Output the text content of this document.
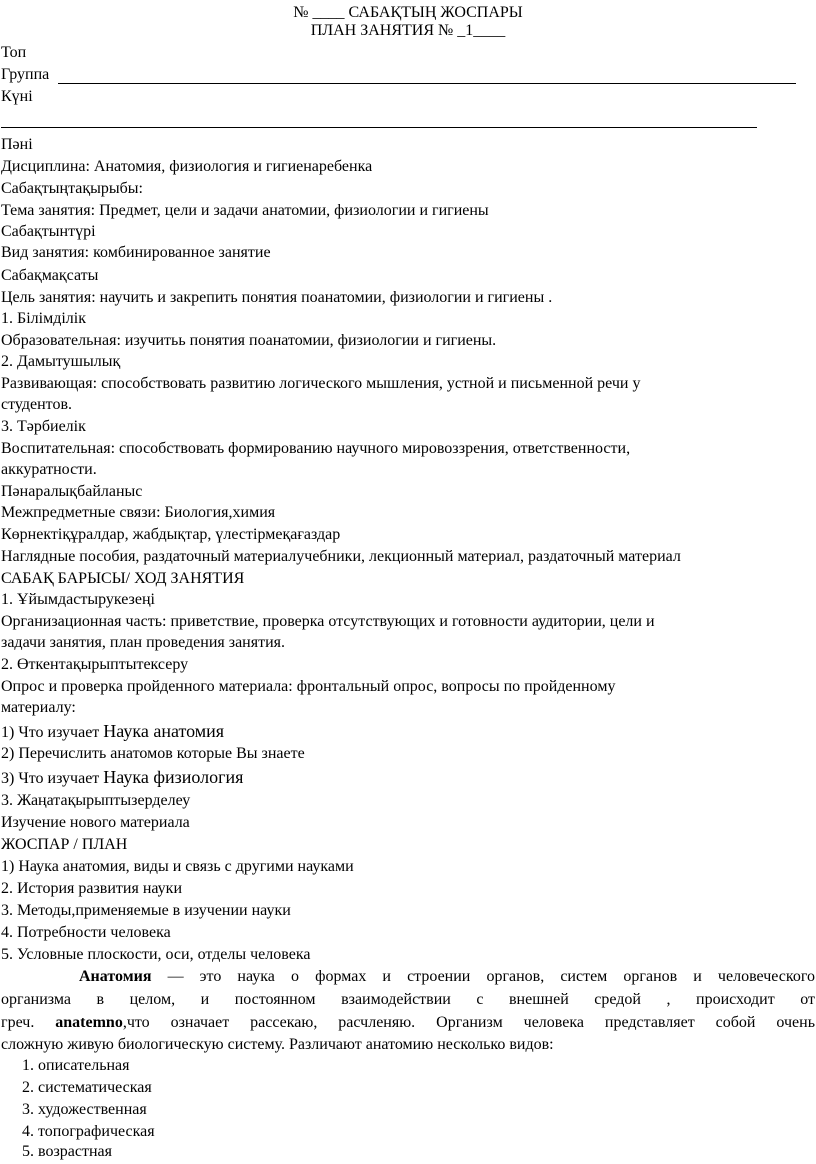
№ ____ САБАҚТЫҢ ЖОСПАРЫ
ПЛАН ЗАНЯТИЯ № _1____
Топ
Группа
Күні
Пәні
Дисциплина: Анатомия, физиология и гигиенаребенка
Сабақтыңтақырыбы:
Тема занятия: Предмет, цели и задачи анатомии, физиологии и гигиены
Сабақтынтүрі
Вид занятия: комбинированное занятие
Сабақмақсаты
Цель занятия: научить и закрепить понятия поанатомии, физиологии и гигиены .
1. Білімділік
Образовательная: изучитьь понятия поанатомии, физиологии и гигиены.
2. Дамытушылық
Развивающая: способствовать развитию логического мышления, устной и письменной речи у
студентов.
3. Тәрбиелік
Воспитательная: способствовать формированию научного мировоззрения, ответственности,
аккуратности.
Пәнаралықбайланыс
Межпредметные связи: Биология,химия
Көрнектіқұралдар, жабдықтар, үлестірмеқағаздар
Наглядные пособия, раздаточный материалучебники, лекционный материал, раздаточный материал
САБАҚ БАРЫСЫ/ ХОД ЗАНЯТИЯ
1. Ұйымдастырукезеңі
Организационная часть: приветствие, проверка отсутствующих и готовности аудитории, цели и
задачи занятия, план проведения занятия.
2. Өткентақырыптытексеру
Опрос и проверка пройденного материала: фронтальный опрос, вопросы по пройденному
материалу:
1) Что изучает Наука анатомия
2) Перечислить анатомов которые Вы знаете
3) Что изучает Наука физиология
3. Жаңатақырыптызерделеу
Изучение нового материала
ЖОСПАР / ПЛАН
1) Наука анатомия, виды и связь с другими науками
2. История развития науки
3. Методы,применяемые в изучении науки
4. Потребности человека
5. Условные плоскости, оси, отделы человека
Анатомия — это наука о формах и строении органов, систем органов и человеческого
организма в целом, и постоянном взаимодействии с внешней средой , происходит от
греч. anatemno,что означает рассекаю, расчленяю. Организм человека представляет собой очень
сложную живую биологическую систему. Различают анатомию несколько видов:
1. описательная
2. систематическая
3. художественная
4. топографическая
5. возрастная
